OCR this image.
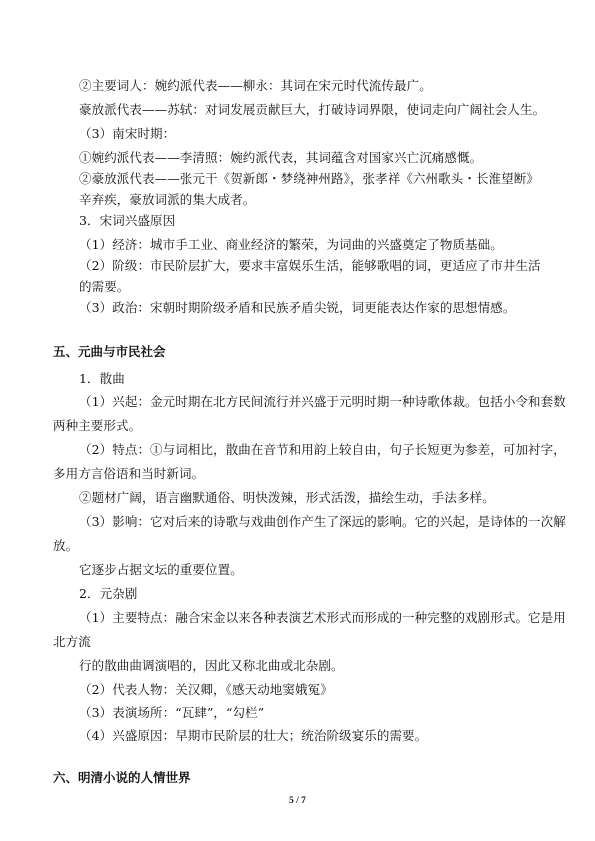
②主要词人：婉约派代表——柳永：其词在宋元时代流传最广。
豪放派代表——苏轼：对词发展贡献巨大，打破诗词界限，使词走向广阔社会人生。
（3）南宋时期：
①婉约派代表——李清照：婉约派代表，其词蕴含对国家兴亡沉痛感慨。
②豪放派代表——张元干《贺新郎・梦绕神州路》，张孝祥《六州歌头・长淮望断》
辛弃疾，豪放词派的集大成者。
3．宋词兴盛原因
（1）经济：城市手工业、商业经济的繁荣，为词曲的兴盛奠定了物质基础。
（2）阶级：市民阶层扩大，要求丰富娱乐生活，能够歌唱的词，更适应了市井生活
的需要。
（3）政治：宋朝时期阶级矛盾和民族矛盾尖锐，词更能表达作家的思想情感。
五、元曲与市民社会
1．散曲
（1）兴起：金元时期在北方民间流行并兴盛于元明时期一种诗歌体裁。包括小令和套数
两种主要形式。
（2）特点：①与词相比，散曲在音节和用韵上较自由，句子长短更为参差，可加衬字，
多用方言俗语和当时新词。
②题材广阔，语言幽默通俗、明快泼辣，形式活泼，描绘生动，手法多样。
（3）影响：它对后来的诗歌与戏曲创作产生了深远的影响。它的兴起，是诗体的一次解
放。
它逐步占据文坛的重要位置。
2．元杂剧
（1）主要特点：融合宋金以来各种表演艺术形式而形成的一种完整的戏剧形式。它是用
北方流
行的散曲曲调演唱的，因此又称北曲或北杂剧。
（2）代表人物：关汉卿，《感天动地窦娥冤》
（3）表演场所：“瓦肆”，“勾栏”
（4）兴盛原因：早期市民阶层的壮大；统治阶级宴乐的需要。
六、明清小说的人情世界
5 / 7
